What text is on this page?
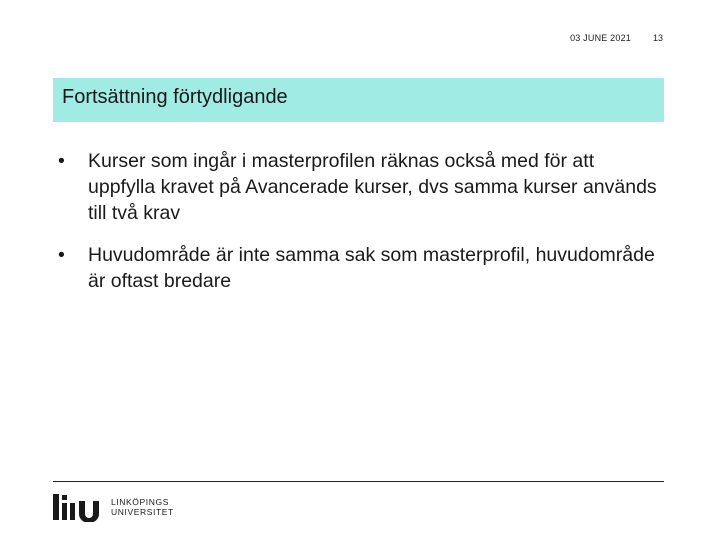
03 JUNE 2021	13
Fortsättning förtydligande
•	Kurser som ingår i masterprofilen räknas också med för att uppfylla kravet på Avancerade kurser, dvs samma kurser används till två krav
•	Huvudområde är inte samma sak som masterprofil, huvudområde är oftast bredare
LINKÖPINGS
UNIVERSITET
